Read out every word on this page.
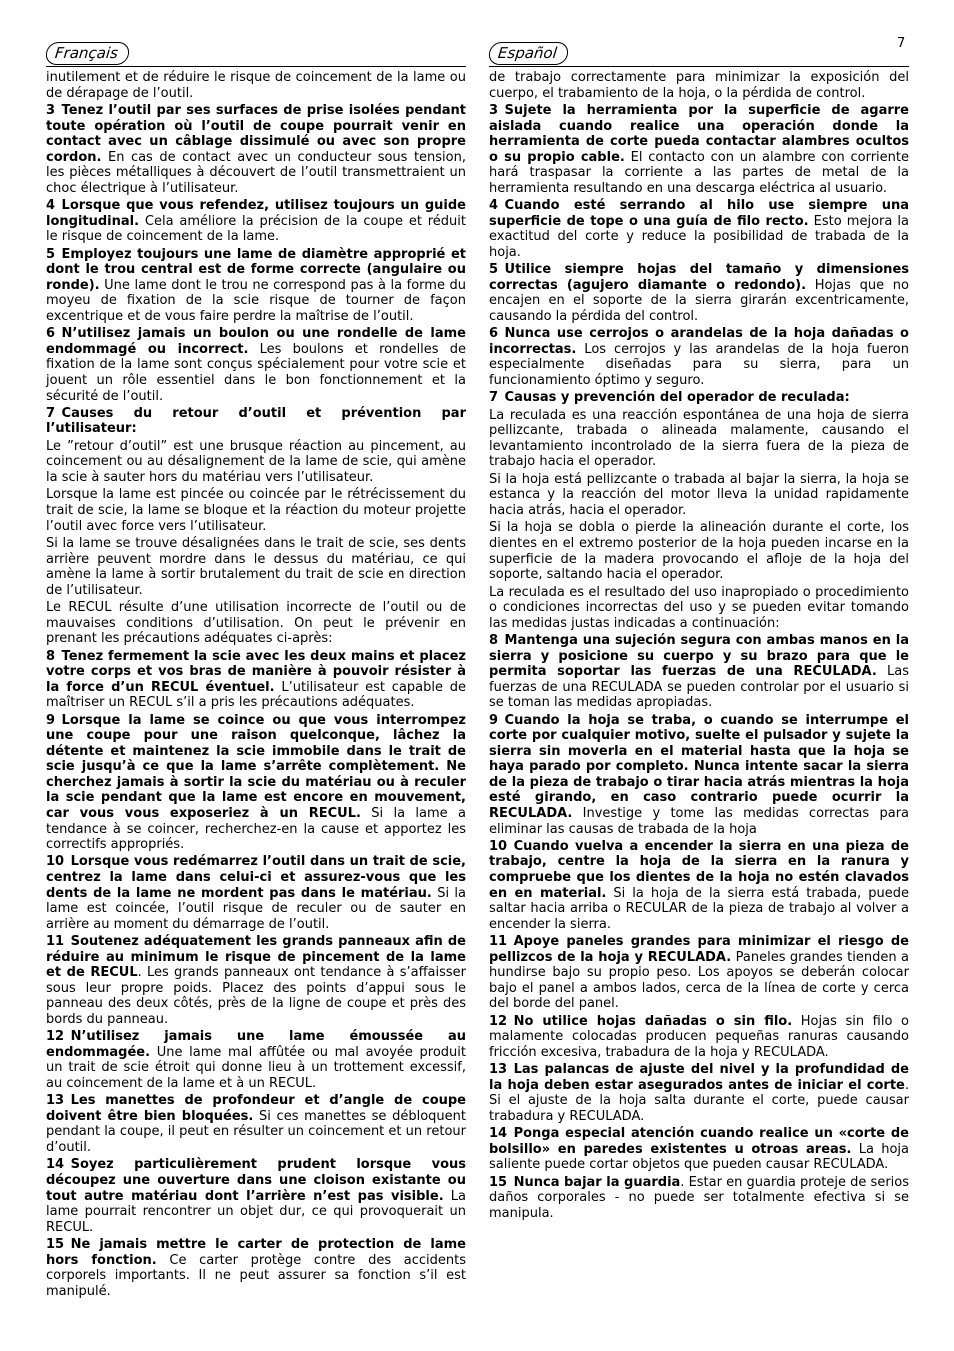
7
Français	Español

inutilement et de réduire le risque de coincement de la lame ou de dérapage de l’outil.

3 Tenez l’outil par ses surfaces de prise isolées pendant toute opération où l’outil de coupe pourrait venir en contact avec un câblage dissimulé ou avec son propre cordon. En cas de contact avec un conducteur sous tension, les pièces métalliques à découvert de l’outil transmettraient un choc électrique à l’utilisateur.

4 Lorsque que vous refendez, utilisez toujours un guide longitudinal. Cela améliore la précision de la coupe et réduit le risque de coincement de la lame.

5 Employez toujours une lame de diamètre approprié et dont le trou central est de forme correcte (angulaire ou ronde). Une lame dont le trou ne correspond pas à la forme du moyeu de fixation de la scie risque de tourner de façon excentrique et de vous faire perdre la maîtrise de l’outil.

6 N’utilisez jamais un boulon ou une rondelle de lame endommagé ou incorrect. Les boulons et rondelles de fixation de la lame sont conçus spécialement pour votre scie et jouent un rôle essentiel dans le bon fonctionnement et la sécurité de l’outil.

7 Causes du retour d’outil et prévention par l’utilisateur:

Le ”retour d’outil” est une brusque réaction au pincement, au coincement ou au désalignement de la lame de scie, qui amène la scie à sauter hors du matériau vers l’utilisateur.

Lorsque la lame est pincée ou coincée par le rétrécissement du trait de scie, la lame se bloque et la réaction du moteur projette l’outil avec force vers l’utilisateur.

Si la lame se trouve désalignées dans le trait de scie, ses dents arrière peuvent mordre dans le dessus du matériau, ce qui amène la lame à sortir brutalement du trait de scie en direction de l’utilisateur.

Le RECUL résulte d’une utilisation incorrecte de l’outil ou de mauvaises conditions d’utilisation. On peut le prévenir en prenant les précautions adéquates ci-après:

8 Tenez fermement la scie avec les deux mains et placez votre corps et vos bras de manière à pouvoir résister à la force d’un RECUL éventuel. L’utilisateur est capable de maîtriser un RECUL s’il a pris les précautions adéquates.

9 Lorsque la lame se coince ou que vous interrompez une coupe pour une raison quelconque, lâchez la détente et maintenez la scie immobile dans le trait de scie jusqu’à ce que la lame s’arrête complètement. Ne cherchez jamais à sortir la scie du matériau ou à reculer la scie pendant que la lame est encore en mouvement, car vous vous exposeriez à un RECUL. Si la lame a tendance à se coincer, recherchez-en la cause et apportez les correctifs appropriés.

10 Lorsque vous redémarrez l’outil dans un trait de scie, centrez la lame dans celui-ci et assurez-vous que les dents de la lame ne mordent pas dans le matériau. Si la lame est coincée, l’outil risque de reculer ou de sauter en arrière au moment du démarrage de l’outil.

11 Soutenez adéquatement les grands panneaux afin de réduire au minimum le risque de pincement de la lame et de RECUL. Les grands panneaux ont tendance à s’affaisser sous leur propre poids. Placez des points d’appui sous le panneau des deux côtés, près de la ligne de coupe et près des bords du panneau.

12 N’utilisez jamais une lame émoussée au endommagée. Une lame mal affûtée ou mal avoyée produit un trait de scie étroit qui donne lieu à un trottement excessif, au coincement de la lame et à un RECUL.

13 Les manettes de profondeur et d’angle de coupe doivent être bien bloquées. Si ces manettes se débloquent pendant la coupe, il peut en résulter un coincement et un retour d’outil.

14 Soyez particulièrement prudent lorsque vous découpez une ouverture dans une cloison existante ou tout autre matériau dont l’arrière n’est pas visible. La lame pourrait rencontrer un objet dur, ce qui provoquerait un RECUL.

15 Ne jamais mettre le carter de protection de lame hors fonction. Ce carter protège contre des accidents corporels importants. Il ne peut assurer sa fonction s’il est manipulé.

de trabajo correctamente para minimizar la exposición del cuerpo, el trabamiento de la hoja, o la pérdida de control.

3 Sujete la herramienta por la superficie de agarre aislada cuando realice una operación donde la herramienta de corte pueda contactar alambres ocultos o su propio cable. El contacto con un alambre con corriente hará traspasar la corriente a las partes de metal de la herramienta resultando en una descarga eléctrica al usuario.

4 Cuando esté serrando al hilo use siempre una superficie de tope o una guía de filo recto. Esto mejora la exactitud del corte y reduce la posibilidad de trabada de la hoja.

5 Utilice siempre hojas del tamaño y dimensiones correctas (agujero diamante o redondo). Hojas que no encajen en el soporte de la sierra girarán excentricamente, causando la pérdida del control.

6 Nunca use cerrojos o arandelas de la hoja dañadas o incorrectas. Los cerrojos y las arandelas de la hoja fueron especialmente diseñadas para su sierra, para un funcionamiento óptimo y seguro.

7 Causas y prevención del operador de reculada:

La reculada es una reacción espontánea de una hoja de sierra pellizcante, trabada o alineada malamente, causando el levantamiento incontrolado de la sierra fuera de la pieza de trabajo hacia el operador.

Si la hoja está pellizcante o trabada al bajar la sierra, la hoja se estanca y la reacción del motor lleva la unidad rapidamente hacia atrás, hacia el operador.

Si la hoja se dobla o pierde la alineación durante el corte, los dientes en el extremo posterior de la hoja pueden incarse en la superficie de la madera provocando el afloje de la hoja del soporte, saltando hacia el operador.

La reculada es el resultado del uso inapropiado o procedimiento o condiciones incorrectas del uso y se pueden evitar tomando las medidas justas indicadas a continuación:

8 Mantenga una sujeción segura con ambas manos en la sierra y posicione su cuerpo y su brazo para que le permita soportar las fuerzas de una RECULADA. Las fuerzas de una RECULADA se pueden controlar por el usuario si se toman las medidas apropiadas.

9 Cuando la hoja se traba, o cuando se interrumpe el corte por cualquier motivo, suelte el pulsador y sujete la sierra sin moverla en el material hasta que la hoja se haya parado por completo. Nunca intente sacar la sierra de la pieza de trabajo o tirar hacia atrás mientras la hoja esté girando, en caso contrario puede ocurrir la RECULADA. Investige y tome las medidas correctas para eliminar las causas de trabada de la hoja

10 Cuando vuelva a encender la sierra en una pieza de trabajo, centre la hoja de la sierra en la ranura y compruebe que los dientes de la hoja no estén clavados en en material. Si la hoja de la sierra está trabada, puede saltar hacia arriba o RECULAR de la pieza de trabajo al volver a encender la sierra.

11 Apoye paneles grandes para minimizar el riesgo de pellizcos de la hoja y RECULADA. Paneles grandes tienden a hundirse bajo su propio peso. Los apoyos se deberán colocar bajo el panel a ambos lados, cerca de la línea de corte y cerca del borde del panel.

12 No utilice hojas dañadas o sin filo. Hojas sin filo o malamente colocadas producen pequeñas ranuras causando fricción excesiva, trabadura de la hoja y RECULADA.

13 Las palancas de ajuste del nivel y la profundidad de la hoja deben estar asegurados antes de iniciar el corte. Si el ajuste de la hoja salta durante el corte, puede causar trabadura y RECULADA.

14 Ponga especial atención cuando realice un «corte de bolsillo» en paredes existentes u otroas areas. La hoja saliente puede cortar objetos que pueden causar RECULADA.

15 Nunca bajar la guardia. Estar en guardia proteje de serios daños corporales - no puede ser totalmente efectiva si se manipula.
